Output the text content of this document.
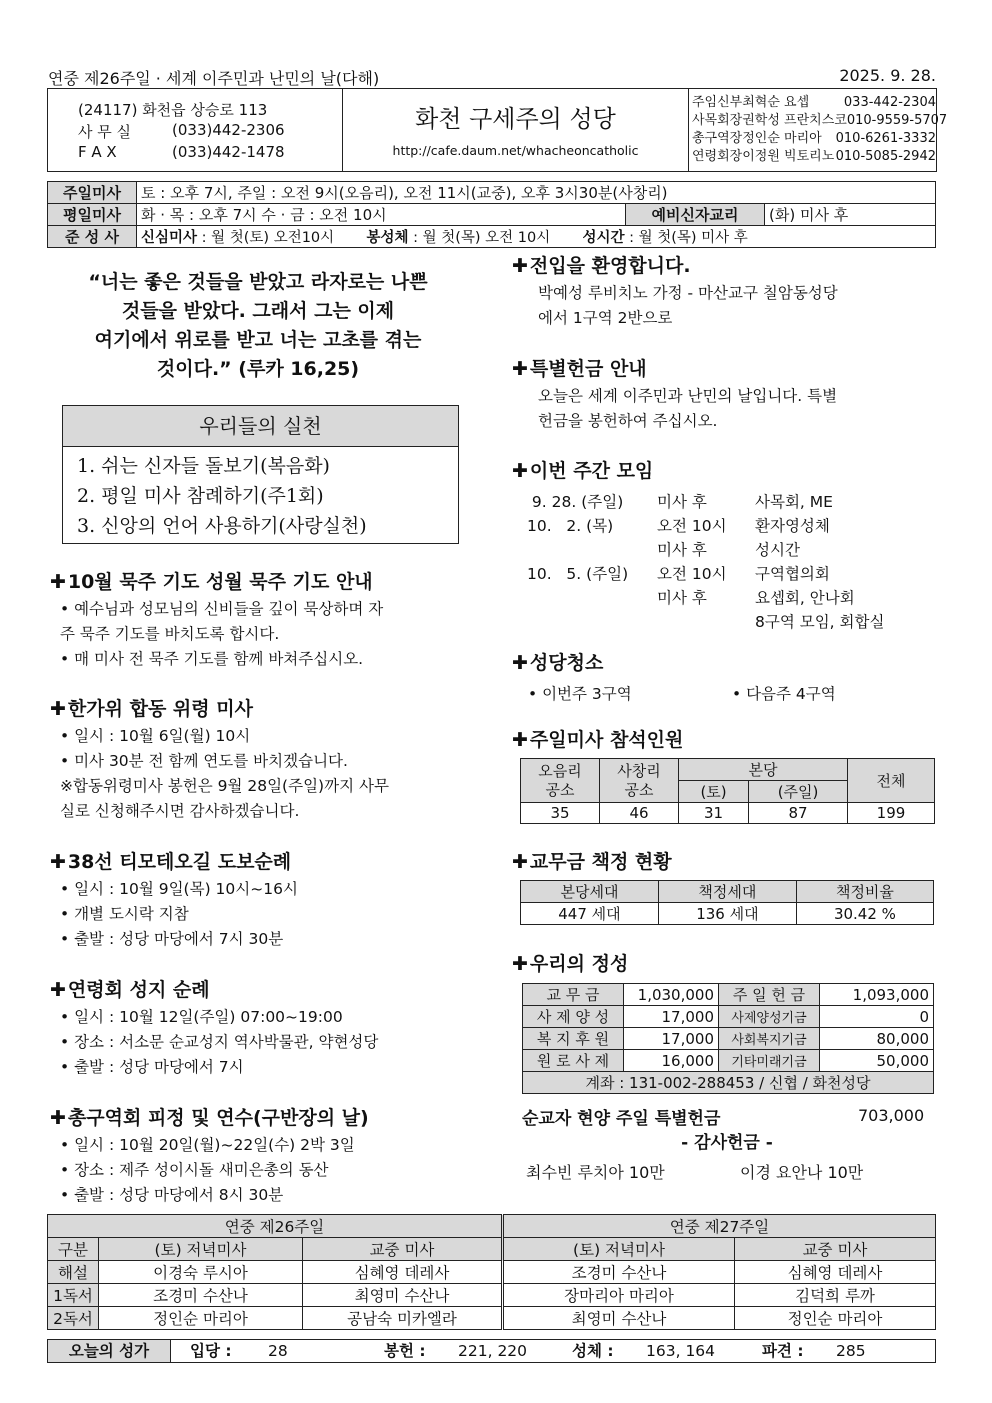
연중 제26주일 · 세계 이주민과 난민의 날(다해)	2025. 9. 28.
(24117) 화천읍 상승로 113
사 무 실	(033)442-2306
F A X	(033)442-1478
화천 구세주의 성당
http://cafe.daum.net/whacheoncatholic
주임신부 최혁순 요셉	033-442-2304
사목회장 권학성 프란치스코 010-9559-5707
총구역장 정인순 마리아	010-6261-3332
연령회장 이정원 빅토리노 010-5085-2942
주일미사	토 : 오후 7시, 주일 : 오전 9시(오음리), 오전 11시(교중), 오후 3시30분(사창리)		
평일미사	화 · 목 : 오후 7시 수 · 금 : 오전 10시	예비신자교리	(화) 미사 후
준 성 사	신심미사 : 월 첫(토) 오전10시 봉성체 : 월 첫(목) 오전 10시 성시간 : 월 첫(목) 미사 후		
“너는 좋은 것들을 받았고 라자로는 나쁜
것들을 받았다. 그래서 그는 이제
여기에서 위로를 받고 너는 고초를 겪는
것이다.” (루카 16,25)
우리들의 실천
1. 쉬는 신자들 돌보기(복음화)
2. 평일 미사 참례하기(주1회)
3. 신앙의 언어 사용하기(사랑실천)
✚ 10월 묵주 기도 성월 묵주 기도 안내
• 예수님과 성모님의 신비들을 깊이 묵상하며 자
주 묵주 기도를 바치도록 합시다.
• 매 미사 전 묵주 기도를 함께 바쳐주십시오.
✚ 한가위 합동 위령 미사
• 일시 : 10월 6일(월) 10시
• 미사 30분 전 함께 연도를 바치겠습니다.
※합동위령미사 봉헌은 9월 28일(주일)까지 사무
실로 신청해주시면 감사하겠습니다.
✚ 38선 티모테오길 도보순례
• 일시 : 10월 9일(목) 10시~16시
• 개별 도시락 지참
• 출발 : 성당 마당에서 7시 30분
✚ 연령회 성지 순례
• 일시 : 10월 12일(주일) 07:00~19:00
• 장소 : 서소문 순교성지 역사박물관, 약현성당
• 출발 : 성당 마당에서 7시
✚ 총구역회 피정 및 연수(구반장의 날)
• 일시 : 10월 20일(월)~22일(수) 2박 3일
• 장소 : 제주 성이시돌 새미은총의 동산
• 출발 : 성당 마당에서 8시 30분
✚ 전입을 환영합니다.
박예성 루비치노 가정 - 마산교구 칠암동성당
에서 1구역 2반으로
✚ 특별헌금 안내
오늘은 세계 이주민과 난민의 날입니다. 특별
헌금을 봉헌하여 주십시오.
✚ 이번 주간 모임
9. 28. (주일)	미사 후	사목회, ME
10.   2. (목)	오전 10시	환자영성체
	미사 후	성시간
10.   5. (주일)	오전 10시	구역협의회
	미사 후	요셉회, 안나회
		8구역 모임, 회합실
✚ 성당청소
• 이번주 3구역	• 다음주 4구역
✚ 주일미사 참석인원
오음리
공소	사창리
공소	본당		전체
		(토)	(주일)	
35	46	31	87	199
✚ 교무금 책정 현황
본당세대	책정세대	책정비율
447 세대	136 세대	30.42 %
✚ 우리의 정성
교 무 금	1,030,000	주 일 헌 금	1,093,000
사 제 양 성	17,000	사제양성기금	0
복 지 후 원	17,000	사회복지기금	80,000
원 로 사 제	16,000	기타미래기금	50,000
계좌 : 131-002-288453 / 신협 / 화천성당			
순교자 현양 주일 특별헌금	703,000
- 감사헌금 -
최수빈 루치아 10만	이경 요안나 10만
연중 제26주일			연중 제27주일	
구분	(토) 저녁미사	교중 미사	(토) 저녁미사	교중 미사
해설	이경숙 루시아	심혜영 데레사	조경미 수산나	심혜영 데레사
1독서	조경미 수산나	최영미 수산나	장마리아 마리아	김덕희 루까
2독서	정인순 마리아	공남숙 미카엘라	최영미 수산나	정인순 마리아
오늘의 성가	입당 : 28	봉헌 : 221, 220	성체 : 163, 164	파견 : 285
